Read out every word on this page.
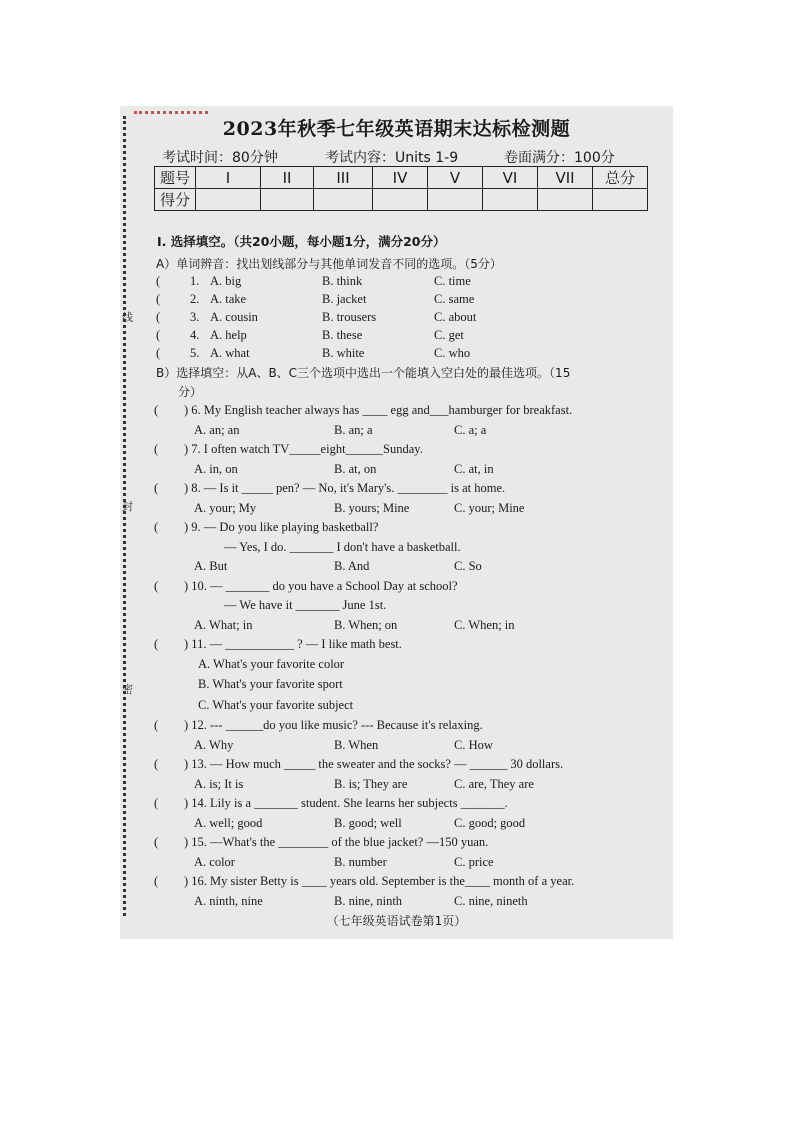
线
封
密
2023年秋季七年级英语期末达标检测题
考试时间：80分钟	考试内容：Units 1-9	卷面满分：100分
题号	I	II	III	IV	V	VI	VII	总分
得分								
Ⅰ. 选择填空。（共20小题，每小题1分，满分20分）
A）单词辨音：找出划线部分与其他单词发音不同的选项。（5分）
( 1. A. big	B. think	C. time
( 2. A. take	B. jacket	C. same
( 3. A. cousin	B. trousers	C. about
( 4. A. help	B. these	C. get
( 5. A. what	B. white	C. who
B）选择填空：从A、B、C三个选项中选出一个能填入空白处的最佳选项。（15
分）
( ) 6. My English teacher always has ____ egg and___hamburger for breakfast.
A. an; an	B. an; a	C. a; a
( ) 7. I often watch TV_____eight______Sunday.
A. in, on	B. at, on	C. at, in
( ) 8. — Is it _____ pen? — No, it's Mary's. ________ is at home.
A. your; My	B. yours; Mine	C. your; Mine
( ) 9. — Do you like playing basketball?
— Yes, I do. _______ I don't have a basketball.
A. But	B. And	C. So
( ) 10. — _______ do you have a School Day at school?
— We have it _______ June 1st.
A. What; in	B. When; on	C. When; in
( ) 11. — ___________ ? — I like math best.
A. What's your favorite color
B. What's your favorite sport
C. What's your favorite subject
( ) 12. --- ______do you like music? --- Because it's relaxing.
A. Why	B. When	C. How
( ) 13. — How much _____ the sweater and the socks? — ______ 30 dollars.
A. is; It is	B. is; They are	C. are, They are
( ) 14. Lily is a _______ student. She learns her subjects _______.
A. well; good	B. good; well	C. good; good
( ) 15. —What's the ________ of the blue jacket? —150 yuan.
A. color	B. number	C. price
( ) 16. My sister Betty is ____ years old. September is the____ month of a year.
A. ninth, nine	B. nine, ninth	C. nine, nineth
（七年级英语试卷第1页）
